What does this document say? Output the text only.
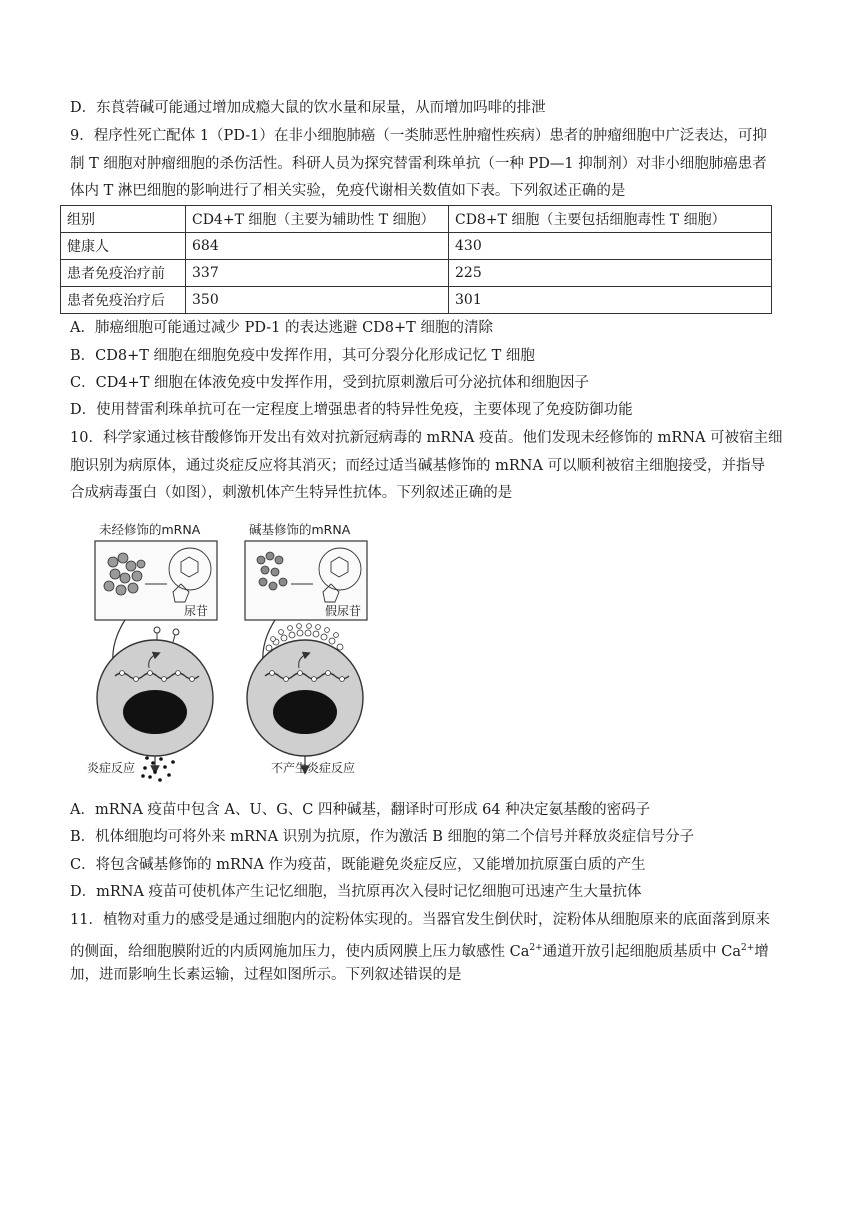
D．东莨菪碱可能通过增加成瘾大鼠的饮水量和尿量，从而增加吗啡的排泄
9．程序性死亡配体 1（PD-1）在非小细胞肺癌（一类肺恶性肿瘤性疾病）患者的肿瘤细胞中广泛表达，可抑
制 T 细胞对肿瘤细胞的杀伤活性。科研人员为探究替雷利珠单抗（一种 PD—1 抑制剂）对非小细胞肺癌患者
体内 T 淋巴细胞的影响进行了相关实验，免疫代谢相关数值如下表。下列叙述正确的是
组别	CD4+T 细胞（主要为辅助性 T 细胞）	CD8+T 细胞（主要包括细胞毒性 T 细胞）
健康人	684	430
患者免疫治疗前	337	225
患者免疫治疗后	350	301
A．肺癌细胞可能通过减少 PD-1 的表达逃避 CD8+T 细胞的清除
B．CD8+T 细胞在细胞免疫中发挥作用，其可分裂分化形成记忆 T 细胞
C．CD4+T 细胞在体液免疫中发挥作用，受到抗原刺激后可分泌抗体和细胞因子
D．使用替雷利珠单抗可在一定程度上增强患者的特异性免疫，主要体现了免疫防御功能
10．科学家通过核苷酸修饰开发出有效对抗新冠病毒的 mRNA 疫苗。他们发现未经修饰的 mRNA 可被宿主细
胞识别为病原体，通过炎症反应将其消灭；而经过适当碱基修饰的 mRNA 可以顺利被宿主细胞接受，并指导
合成病毒蛋白（如图），刺激机体产生特异性抗体。下列叙述正确的是
未经修饰的mRNA
尿苷
炎症反应
碱基修饰的mRNA
假尿苷
不产生炎症反应
A．mRNA 疫苗中包含 A、U、G、C 四种碱基，翻译时可形成 64 种决定氨基酸的密码子
B．机体细胞均可将外来 mRNA 识别为抗原，作为激活 B 细胞的第二个信号并释放炎症信号分子
C．将包含碱基修饰的 mRNA 作为疫苗，既能避免炎症反应，又能增加抗原蛋白质的产生
D．mRNA 疫苗可使机体产生记忆细胞，当抗原再次入侵时记忆细胞可迅速产生大量抗体
11．植物对重力的感受是通过细胞内的淀粉体实现的。当器官发生倒伏时，淀粉体从细胞原来的底面落到原来
的侧面，给细胞膜附近的内质网施加压力，使内质网膜上压力敏感性 $Ca^{2+}$通道开放引起细胞质基质中 $Ca^{2+}$增
加，进而影响生长素运输，过程如图所示。下列叙述错误的是
